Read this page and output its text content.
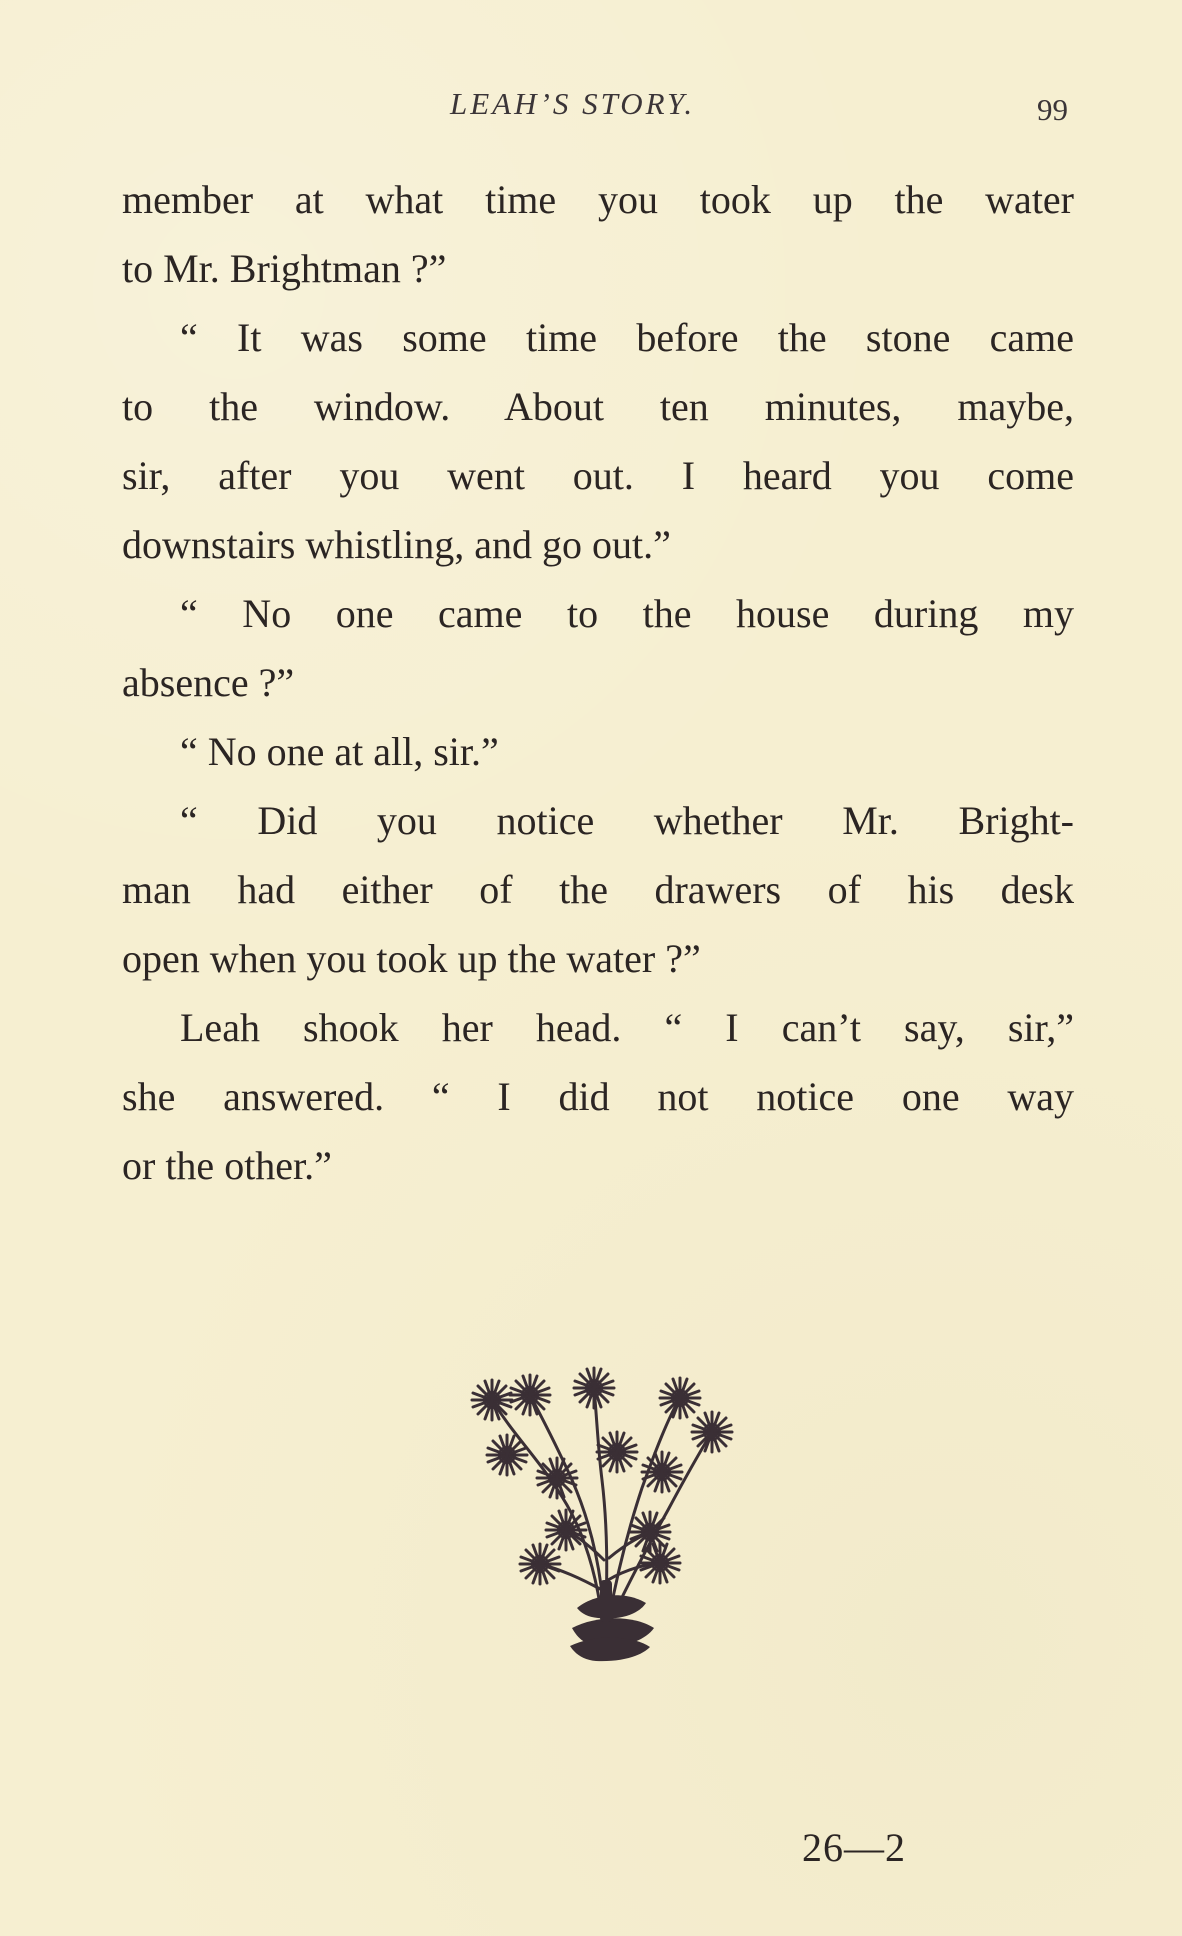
LEAH’S STORY.	99
member at what time you took up the water
to Mr. Brightman ?”
“ It was some time before the stone came
to the window. About ten minutes, maybe,
sir, after you went out. I heard you come
downstairs whistling, and go out.”
“ No one came to the house during my
absence ?”
“ No one at all, sir.”
“ Did you notice whether Mr. Bright-
man had either of the drawers of his desk
open when you took up the water ?”
Leah shook her head. “ I can’t say, sir,”
she answered. “ I did not notice one way
or the other.”
26—2
